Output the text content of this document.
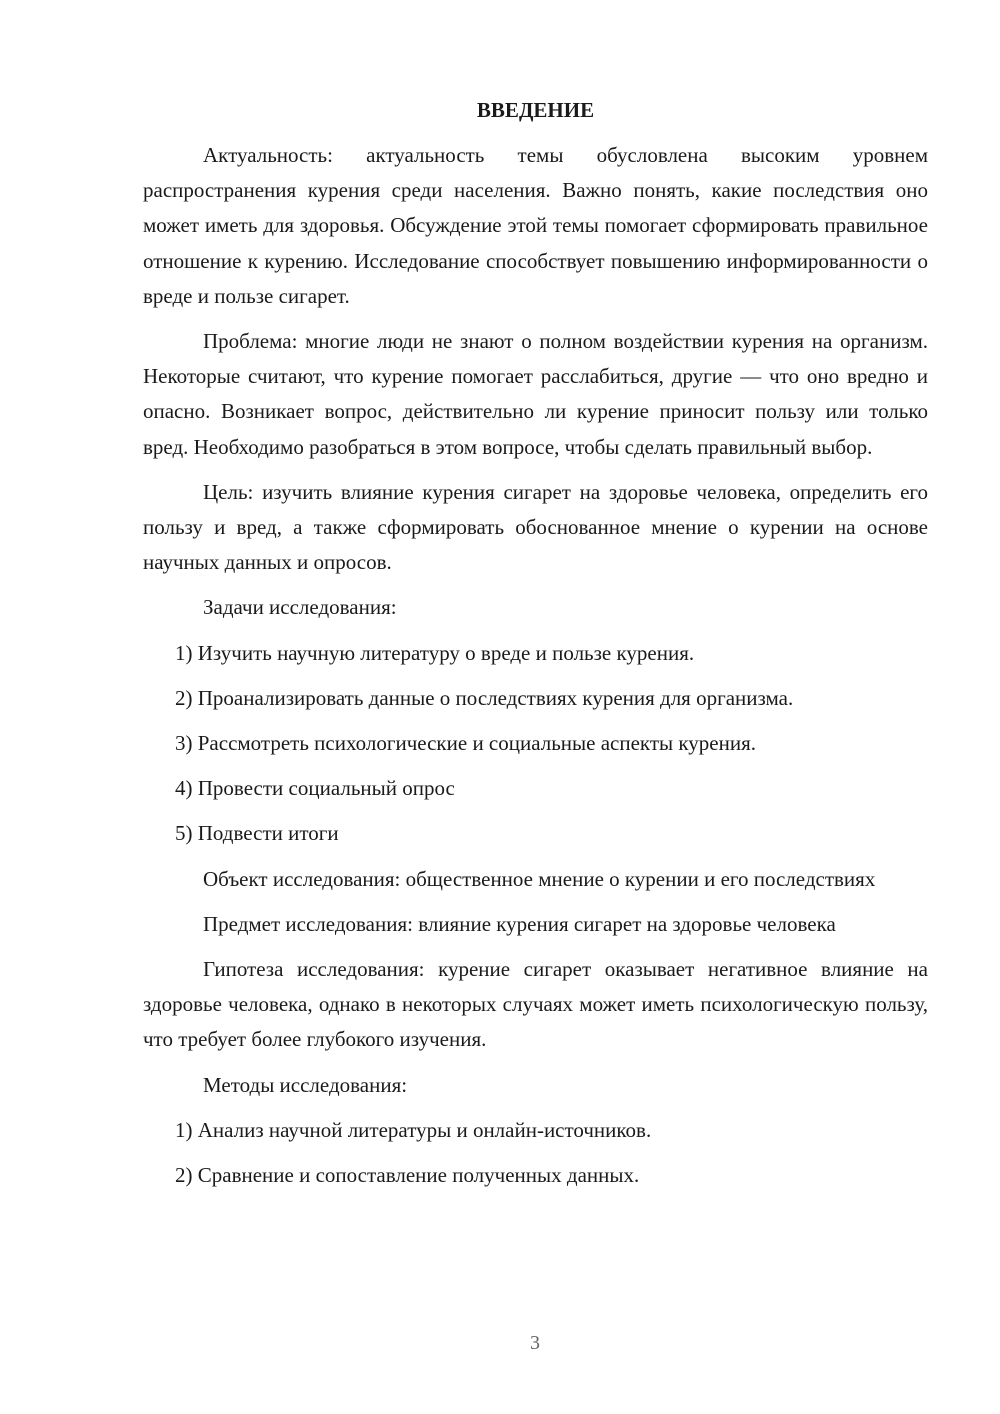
ВВЕДЕНИЕ

Актуальность: актуальность темы обусловлена высоким уровнем распространения курения среди населения. Важно понять, какие последствия оно может иметь для здоровья. Обсуждение этой темы помогает сформировать правильное отношение к курению. Исследование способствует повышению информированности о вреде и пользе сигарет.

Проблема: многие люди не знают о полном воздействии курения на организм. Некоторые считают, что курение помогает расслабиться, другие — что оно вредно и опасно. Возникает вопрос, действительно ли курение приносит пользу или только вред. Необходимо разобраться в этом вопросе, чтобы сделать правильный выбор.

Цель: изучить влияние курения сигарет на здоровье человека, определить его пользу и вред, а также сформировать обоснованное мнение о курении на основе научных данных и опросов.

Задачи исследования:

1) Изучить научную литературу о вреде и пользе курения.

2) Проанализировать данные о последствиях курения для организма.

3) Рассмотреть психологические и социальные аспекты курения.

4) Провести социальный опрос

5) Подвести итоги

Объект исследования: общественное мнение о курении и его последствиях

Предмет исследования: влияние курения сигарет на здоровье человека

Гипотеза исследования: курение сигарет оказывает негативное влияние на здоровье человека, однако в некоторых случаях может иметь психологическую пользу, что требует более глубокого изучения.

Методы исследования:

1) Анализ научной литературы и онлайн-источников.

2) Сравнение и сопоставление полученных данных.

3
